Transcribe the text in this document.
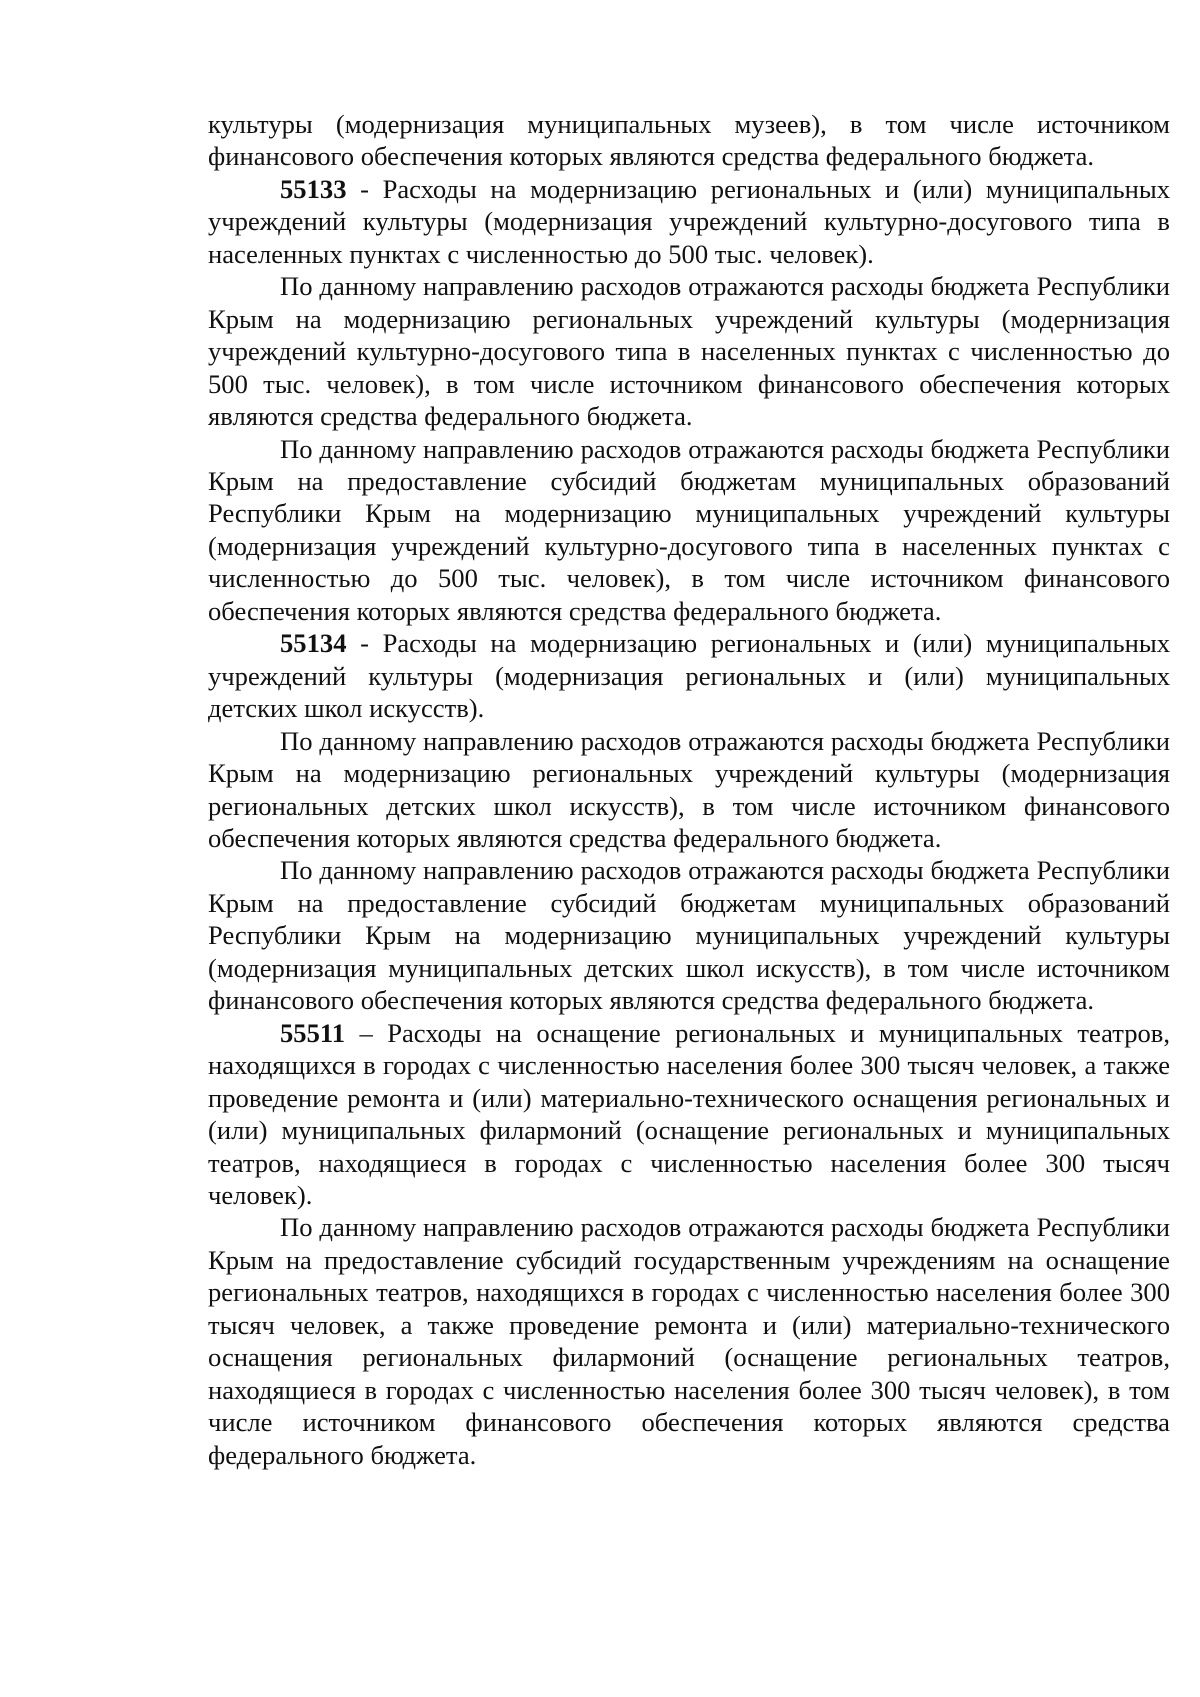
культуры (модернизация муниципальных музеев), в том числе источником финансового обеспечения которых являются средства федерального бюджета.

55133 - Расходы на модернизацию региональных и (или) муниципальных учреждений культуры (модернизация учреждений культурно-досугового типа в населенных пунктах с численностью до 500 тыс. человек).

По данному направлению расходов отражаются расходы бюджета Республики Крым на модернизацию региональных учреждений культуры (модернизация учреждений культурно-досугового типа в населенных пунктах с численностью до 500 тыс. человек), в том числе источником финансового обеспечения которых являются средства федерального бюджета.

По данному направлению расходов отражаются расходы бюджета Республики Крым на предоставление субсидий бюджетам муниципальных образований Республики Крым на модернизацию муниципальных учреждений культуры (модернизация учреждений культурно-досугового типа в населенных пунктах с численностью до 500 тыс. человек), в том числе источником финансового обеспечения которых являются средства федерального бюджета.

55134 - Расходы на модернизацию региональных и (или) муниципальных учреждений культуры (модернизация региональных и (или) муниципальных детских школ искусств).

По данному направлению расходов отражаются расходы бюджета Республики Крым на модернизацию региональных учреждений культуры (модернизация региональных детских школ искусств), в том числе источником финансового обеспечения которых являются средства федерального бюджета.

По данному направлению расходов отражаются расходы бюджета Республики Крым на предоставление субсидий бюджетам муниципальных образований Республики Крым на модернизацию муниципальных учреждений культуры (модернизация муниципальных детских школ искусств), в том числе источником финансового обеспечения которых являются средства федерального бюджета.

55511 – Расходы на оснащение региональных и муниципальных театров, находящихся в городах с численностью населения более 300 тысяч человек, а также проведение ремонта и (или) материально-технического оснащения региональных и (или) муниципальных филармоний (оснащение региональных и муниципальных театров, находящиеся в городах с численностью населения более 300 тысяч человек).

По данному направлению расходов отражаются расходы бюджета Республики Крым на предоставление субсидий государственным учреждениям на оснащение региональных театров, находящихся в городах с численностью населения более 300 тысяч человек, а также проведение ремонта и (или) материально-технического оснащения региональных филармоний (оснащение региональных театров, находящиеся в городах с численностью населения более 300 тысяч человек), в том числе источником финансового обеспечения которых являются средства федерального бюджета.
